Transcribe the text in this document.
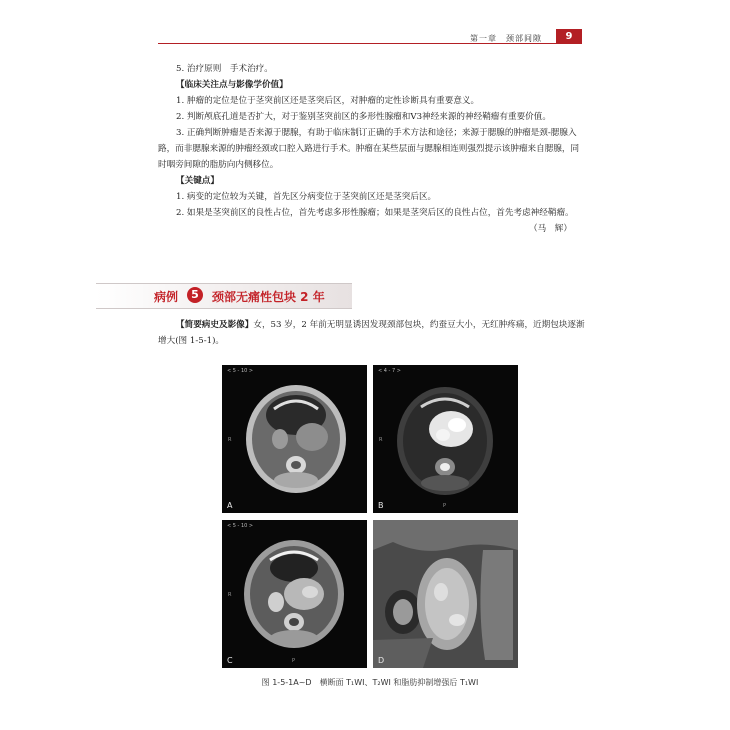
第一章　颈部间隙	9

5. 治疗原则　手术治疗。

【临床关注点与影像学价值】

1. 肿瘤的定位是位于茎突前区还是茎突后区，对肿瘤的定性诊断具有重要意义。

2. 判断颅底孔道是否扩大，对于鉴别茎突前区的多形性腺瘤和V3神经来源的神经鞘瘤有重要价值。

3. 正确判断肿瘤是否来源于腮腺，有助于临床制订正确的手术方法和途径；来源于腮腺的肿瘤是颈-腮腺入路，而非腮腺来源的肿瘤经颈或口腔入路进行手术。肿瘤在某些层面与腮腺相连则强烈提示该肿瘤来自腮腺，同时咽旁间隙的脂肪向内侧移位。

【关键点】

1. 病变的定位较为关键，首先区分病变位于茎突前区还是茎突后区。

2. 如果是茎突前区的良性占位，首先考虑多形性腺瘤；如果是茎突后区的良性占位，首先考虑神经鞘瘤。

（马　辉）

病例	5	颈部无痛性包块 2 年

【简要病史及影像】女，53 岁，2 年前无明显诱因发现颈部包块，约蚕豆大小，无红肿疼痛，近期包块逐渐增大(图 1-5-1)。

< 5 - 10 >
R
A
< 4 - 7 >
R
P
B
< 5 - 10 >
R
P
C	D
图 1-5-1A~D　横断面 T₁WI、T₂WI 和脂肪抑制增强后 T₁WI
